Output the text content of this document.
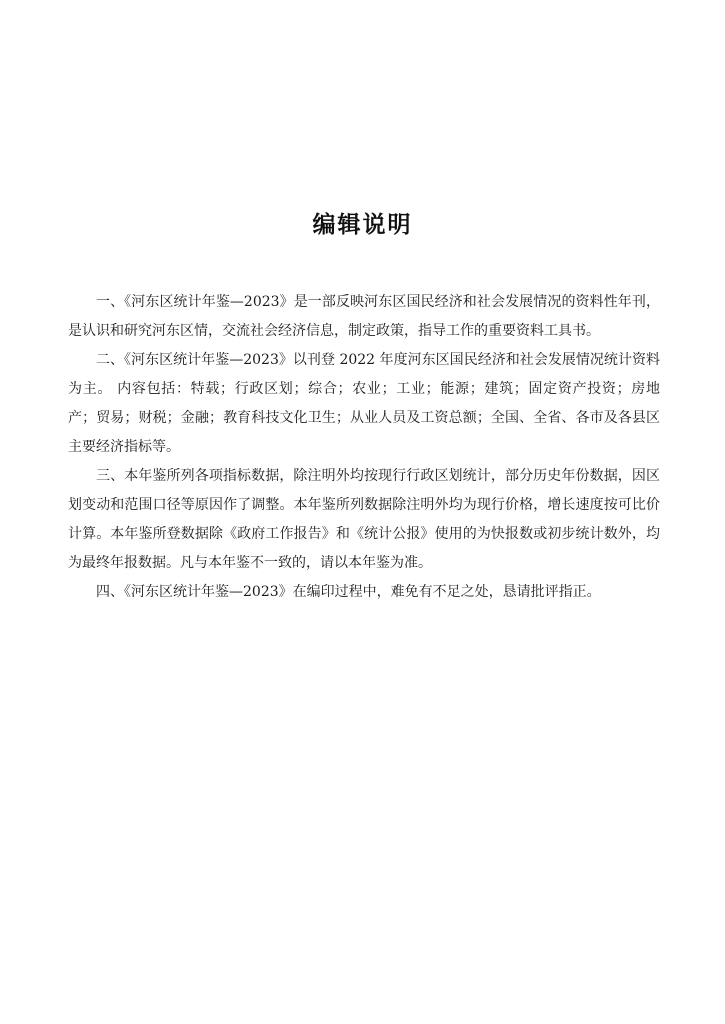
编辑说明

一、《河东区统计年鉴—2023》是一部反映河东区国民经济和社会发展情况的资料性年刊，是认识和研究河东区情，交流社会经济信息，制定政策，指导工作的重要资料工具书。

二、《河东区统计年鉴—2023》以刊登 2022 年度河东区国民经济和社会发展情况统计资料为主。 内容包括：特载；行政区划；综合；农业；工业；能源；建筑；固定资产投资；房地产；贸易；财税；金融；教育科技文化卫生；从业人员及工资总额；全国、全省、各市及各县区主要经济指标等。

三、本年鉴所列各项指标数据，除注明外均按现行行政区划统计，部分历史年份数据，因区划变动和范围口径等原因作了调整。本年鉴所列数据除注明外均为现行价格，增长速度按可比价计算。本年鉴所登数据除《政府工作报告》和《统计公报》使用的为快报数或初步统计数外，均为最终年报数据。凡与本年鉴不一致的，请以本年鉴为准。

四、《河东区统计年鉴—2023》在编印过程中，难免有不足之处，恳请批评指正。
